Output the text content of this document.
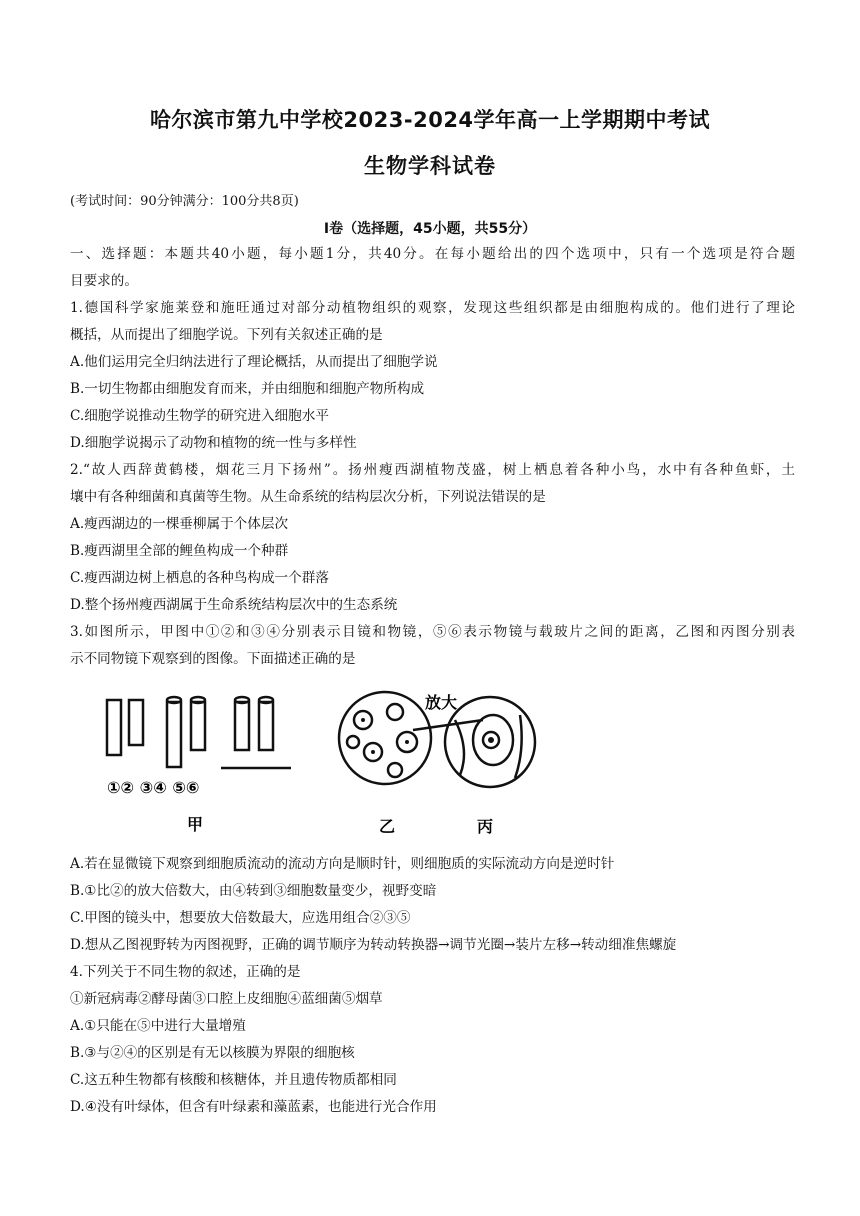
哈尔滨市第九中学校2023-2024学年高一上学期期中考试
生物学科试卷
(考试时间：90分钟满分：100分共8页)
I卷（选择题，45小题，共55分）
一、选择题：本题共40小题，每小题1分，共40分。在每小题给出的四个选项中，只有一个选项是符合题
目要求的。
1.德国科学家施莱登和施旺通过对部分动植物组织的观察，发现这些组织都是由细胞构成的。他们进行了理论
概括，从而提出了细胞学说。下列有关叙述正确的是
A.他们运用完全归纳法进行了理论概括，从而提出了细胞学说
B.一切生物都由细胞发育而来，并由细胞和细胞产物所构成
C.细胞学说推动生物学的研究进入细胞水平
D.细胞学说揭示了动物和植物的统一性与多样性
2.“故人西辞黄鹤楼，烟花三月下扬州”。扬州瘦西湖植物茂盛，树上栖息着各种小鸟，水中有各种鱼虾，土
壤中有各种细菌和真菌等生物。从生命系统的结构层次分析，下列说法错误的是
A.瘦西湖边的一棵垂柳属于个体层次
B.瘦西湖里全部的鲤鱼构成一个种群
C.瘦西湖边树上栖息的各种鸟构成一个群落
D.整个扬州瘦西湖属于生命系统结构层次中的生态系统
3.如图所示，甲图中①②和③④分别表示目镜和物镜，⑤⑥表示物镜与载玻片之间的距离，乙图和丙图分别表
示不同物镜下观察到的图像。下面描述正确的是
①② ③④ ⑤⑥
甲	乙	丙
放大
A.若在显微镜下观察到细胞质流动的流动方向是顺时针，则细胞质的实际流动方向是逆时针
B.①比②的放大倍数大，由④转到③细胞数量变少，视野变暗
C.甲图的镜头中，想要放大倍数最大，应选用组合②③⑤
D.想从乙图视野转为丙图视野，正确的调节顺序为转动转换器→调节光圈→装片左移→转动细准焦螺旋
4.下列关于不同生物的叙述，正确的是
①新冠病毒②酵母菌③口腔上皮细胞④蓝细菌⑤烟草
A.①只能在⑤中进行大量增殖
B.③与②④的区别是有无以核膜为界限的细胞核
C.这五种生物都有核酸和核糖体，并且遗传物质都相同
D.④没有叶绿体，但含有叶绿素和藻蓝素，也能进行光合作用
